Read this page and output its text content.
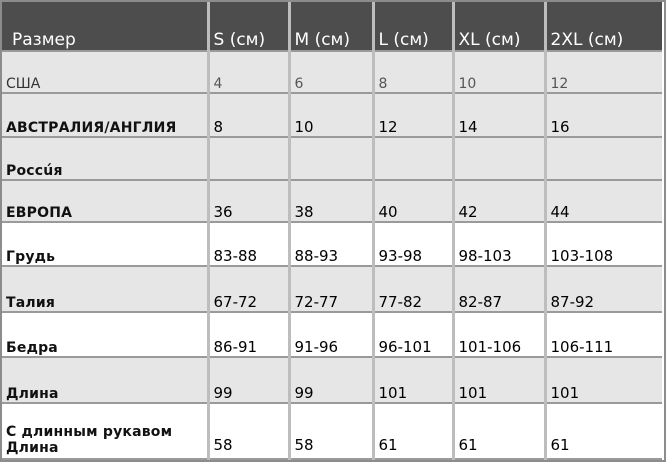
Размер	S (см)	M (см)	L (см)	XL (см)	2XL (см)
США	4	6	8	10	12
АВСТРАЛИЯ/АНГЛИЯ	8	10	12	14	16
Россúя					
ЕВРОПА	36	38	40	42	44
Грудь	83-88	88-93	93-98	98-103	103-108
Талия	67-72	72-77	77-82	82-87	87-92
Бедра	86-91	91-96	96-101	101-106	106-111
Длина	99	99	101	101	101

С длинным рукавом
Длина	58	58	61	61	61
